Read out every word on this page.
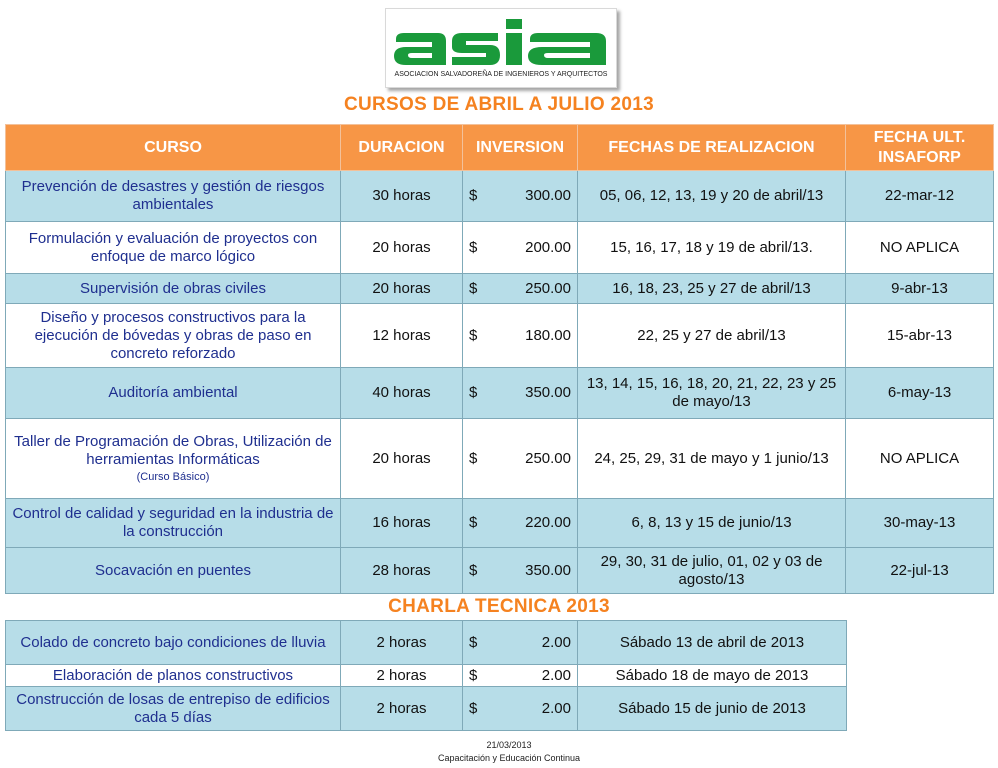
ASOCIACION SALVADOREÑA DE INGENIEROS Y ARQUITECTOS
CURSOS DE ABRIL A JULIO 2013
CURSO	DURACION	INVERSION	FECHAS DE REALIZACION	FECHA ULT.
INSAFORP
Prevención de desastres y gestión de riesgos ambientales	30 horas	$ 300.00	05, 06, 12, 13, 19 y 20 de abril/13	22-mar-12
Formulación y evaluación de proyectos con enfoque de marco lógico	20 horas	$ 200.00	15, 16, 17, 18 y 19 de abril/13.	NO APLICA
Supervisión de obras civiles	20 horas	$ 250.00	16, 18, 23, 25 y 27 de abril/13	9-abr-13
Diseño y procesos constructivos para la ejecución de bóvedas y obras de paso en concreto reforzado	12 horas	$ 180.00	22, 25 y 27 de abril/13	15-abr-13
Auditoría ambiental	40 horas	$ 350.00	13, 14, 15, 16, 18, 20, 21, 22, 23 y 25 de mayo/13	6-may-13
Taller de Programación de Obras, Utilización de herramientas Informáticas
(Curso Básico)	20 horas	$ 250.00	24, 25, 29, 31 de mayo y 1 junio/13	NO APLICA
Control de calidad y seguridad en la industria de la construcción	16 horas	$ 220.00	6, 8, 13 y 15 de junio/13	30-may-13
Socavación en puentes	28 horas	$ 350.00	29, 30, 31 de julio, 01, 02 y 03 de agosto/13	22-jul-13
CHARLA TECNICA 2013
Colado de concreto bajo condiciones de lluvia	2 horas	$ 2.00	Sábado 13 de abril de 2013
Elaboración de planos constructivos	2 horas	$ 2.00	Sábado 18 de mayo de 2013
Construcción de losas de entrepiso de edificios cada 5 días	2 horas	$ 2.00	Sábado 15 de junio de 2013
21/03/2013
Capacitación y Educación Continua
